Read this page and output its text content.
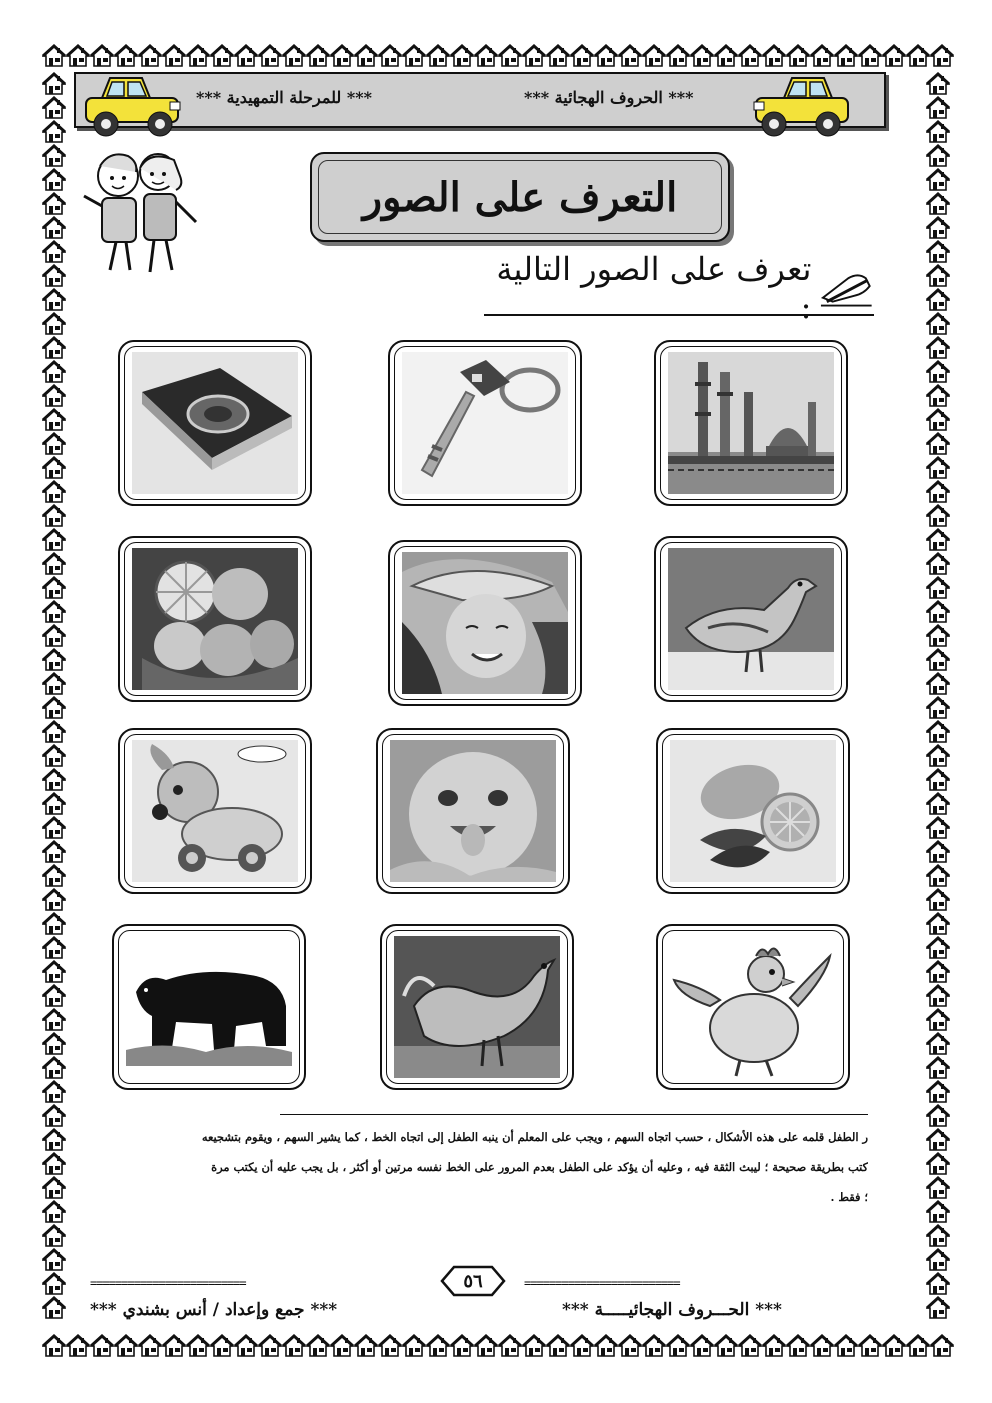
*** للمرحلة التمهيدية ***	*** الحروف الهجائية ***
التعرف على الصور
تعرف على الصور التالية :
ر الطفل قلمه على هذه الأشكال ، حسب اتجاه السهم ، ويجب على المعلم أن ينبه الطفل إلى اتجاه الخط ، كما يشير السهم ، ويقوم بتشجيعه
كتب بطريقة صحيحة ؛ ليبث الثقة فيه ، وعليه أن يؤكد على الطفل بعدم المرور على الخط نفسه مرتين أو أكثر ، بل يجب عليه أن يكتب مرة
؛ فقط .
=========================	=========================
٥٦
*** الحـــروف الهجائيـــــة ***
*** جمع وإعداد / أنس بشندي ***
